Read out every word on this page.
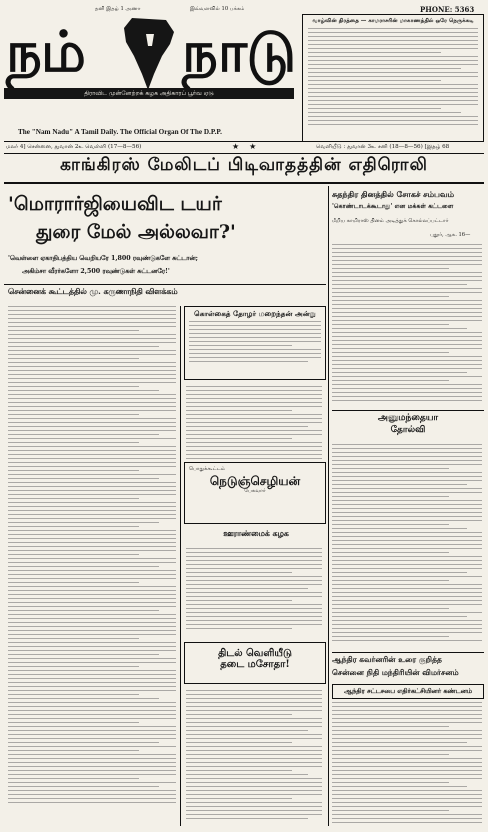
தனி இதழ் 1 அணா	இவ்வளவில் 10 பக்கம்	PHONE: 5363
நம்	நாடு
திராவிட முன்னேற்றக் கழக அதிகாரப் பூர்வ ஏடு
The "Nam Nadu" A Tamil Daily. The Official Organ Of The D.P.P.
வாழ்வின் திரத்தை — காமராசரின் மாகாணத்தில் ஒரே நெருக்கடி
மலர் 4] சென்னை, துவான் 2உ வெள்ளி (17—8—56)	★★	வெளியீடு : துவான் 3உ சனி (18—8—56) [இதழ் 68
காங்கிரஸ் மேலிடப் பிடிவாதத்தின் எதிரொலி
'மொரார்ஜியைவிட டயர்
துரை மேல் அல்லவா?'
'வெள்ளை ஏகாதிபத்திய வெறியரே 1,800 ரவுண்டுகளே சுட்டான்;
அகிம்சா வீரர்களோ 2,500 ரவுண்டுகள் சுட்டனரே!'
சென்னைக் கூட்டத்தில் மு. கருணாநிதி விளக்கம்
கொள்கைத் தோழர் மறைந்தன் அன்று
பொதுக்கூட்டம்
நெடுஞ்செழியன்
பேசுவார்
ஊராண்மைக் கழக
திடல் வெளியீடு
தடை மசோதா!
சுதந்திர தினத்தில் சோகச் சம்பவம்
'கொண்டாடக்கூடாது' என மக்கள் கட்டளை
மீறிய காமிராஸ் தினம் அடித்துக் கொல்லப்பட்டார்
புதூர், ஆக. 16—
அனுமந்தையா
தோல்வி
ஆந்திர கவர்னரின் உரை குறித்த
சென்னை நிதி மந்திரியின் விமர்சனம்
ஆந்திர சட்டசபை எதிர்கட்சியினர் கண்டனம்
